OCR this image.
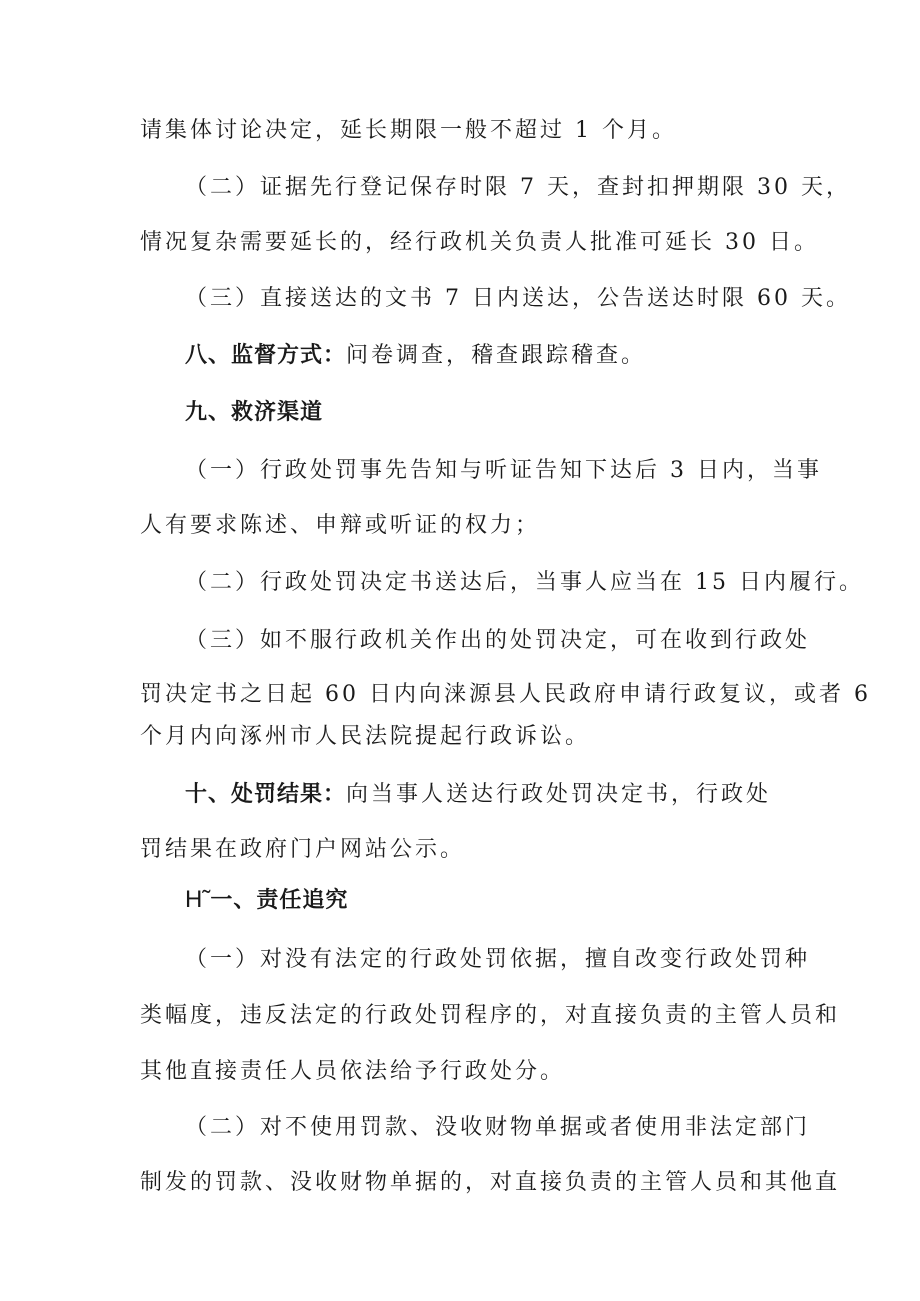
请集体讨论决定，延长期限一般不超过 1 个月。
（二）证据先行登记保存时限 7 天，查封扣押期限 30 天，
情况复杂需要延长的，经行政机关负责人批准可延长 30 日。
（三）直接送达的文书 7 日内送达，公告送达时限 60 天。
八、监督方式：问卷调查，稽查跟踪稽查。
九、救济渠道
（一）行政处罚事先告知与听证告知下达后 3 日内，当事
人有要求陈述、申辩或听证的权力；
（二）行政处罚决定书送达后，当事人应当在 15 日内履行。
（三）如不服行政机关作出的处罚决定，可在收到行政处
罚决定书之日起 60 日内向涞源县人民政府申请行政复议，或者 6
个月内向涿州市人民法院提起行政诉讼。
十、处罚结果：向当事人送达行政处罚决定书，行政处
罚结果在政府门户网站公示。
H˜一、责任追究
（一）对没有法定的行政处罚依据，擅自改变行政处罚种
类幅度，违反法定的行政处罚程序的，对直接负责的主管人员和
其他直接责任人员依法给予行政处分。
（二）对不使用罚款、没收财物单据或者使用非法定部门
制发的罚款、没收财物单据的，对直接负责的主管人员和其他直
